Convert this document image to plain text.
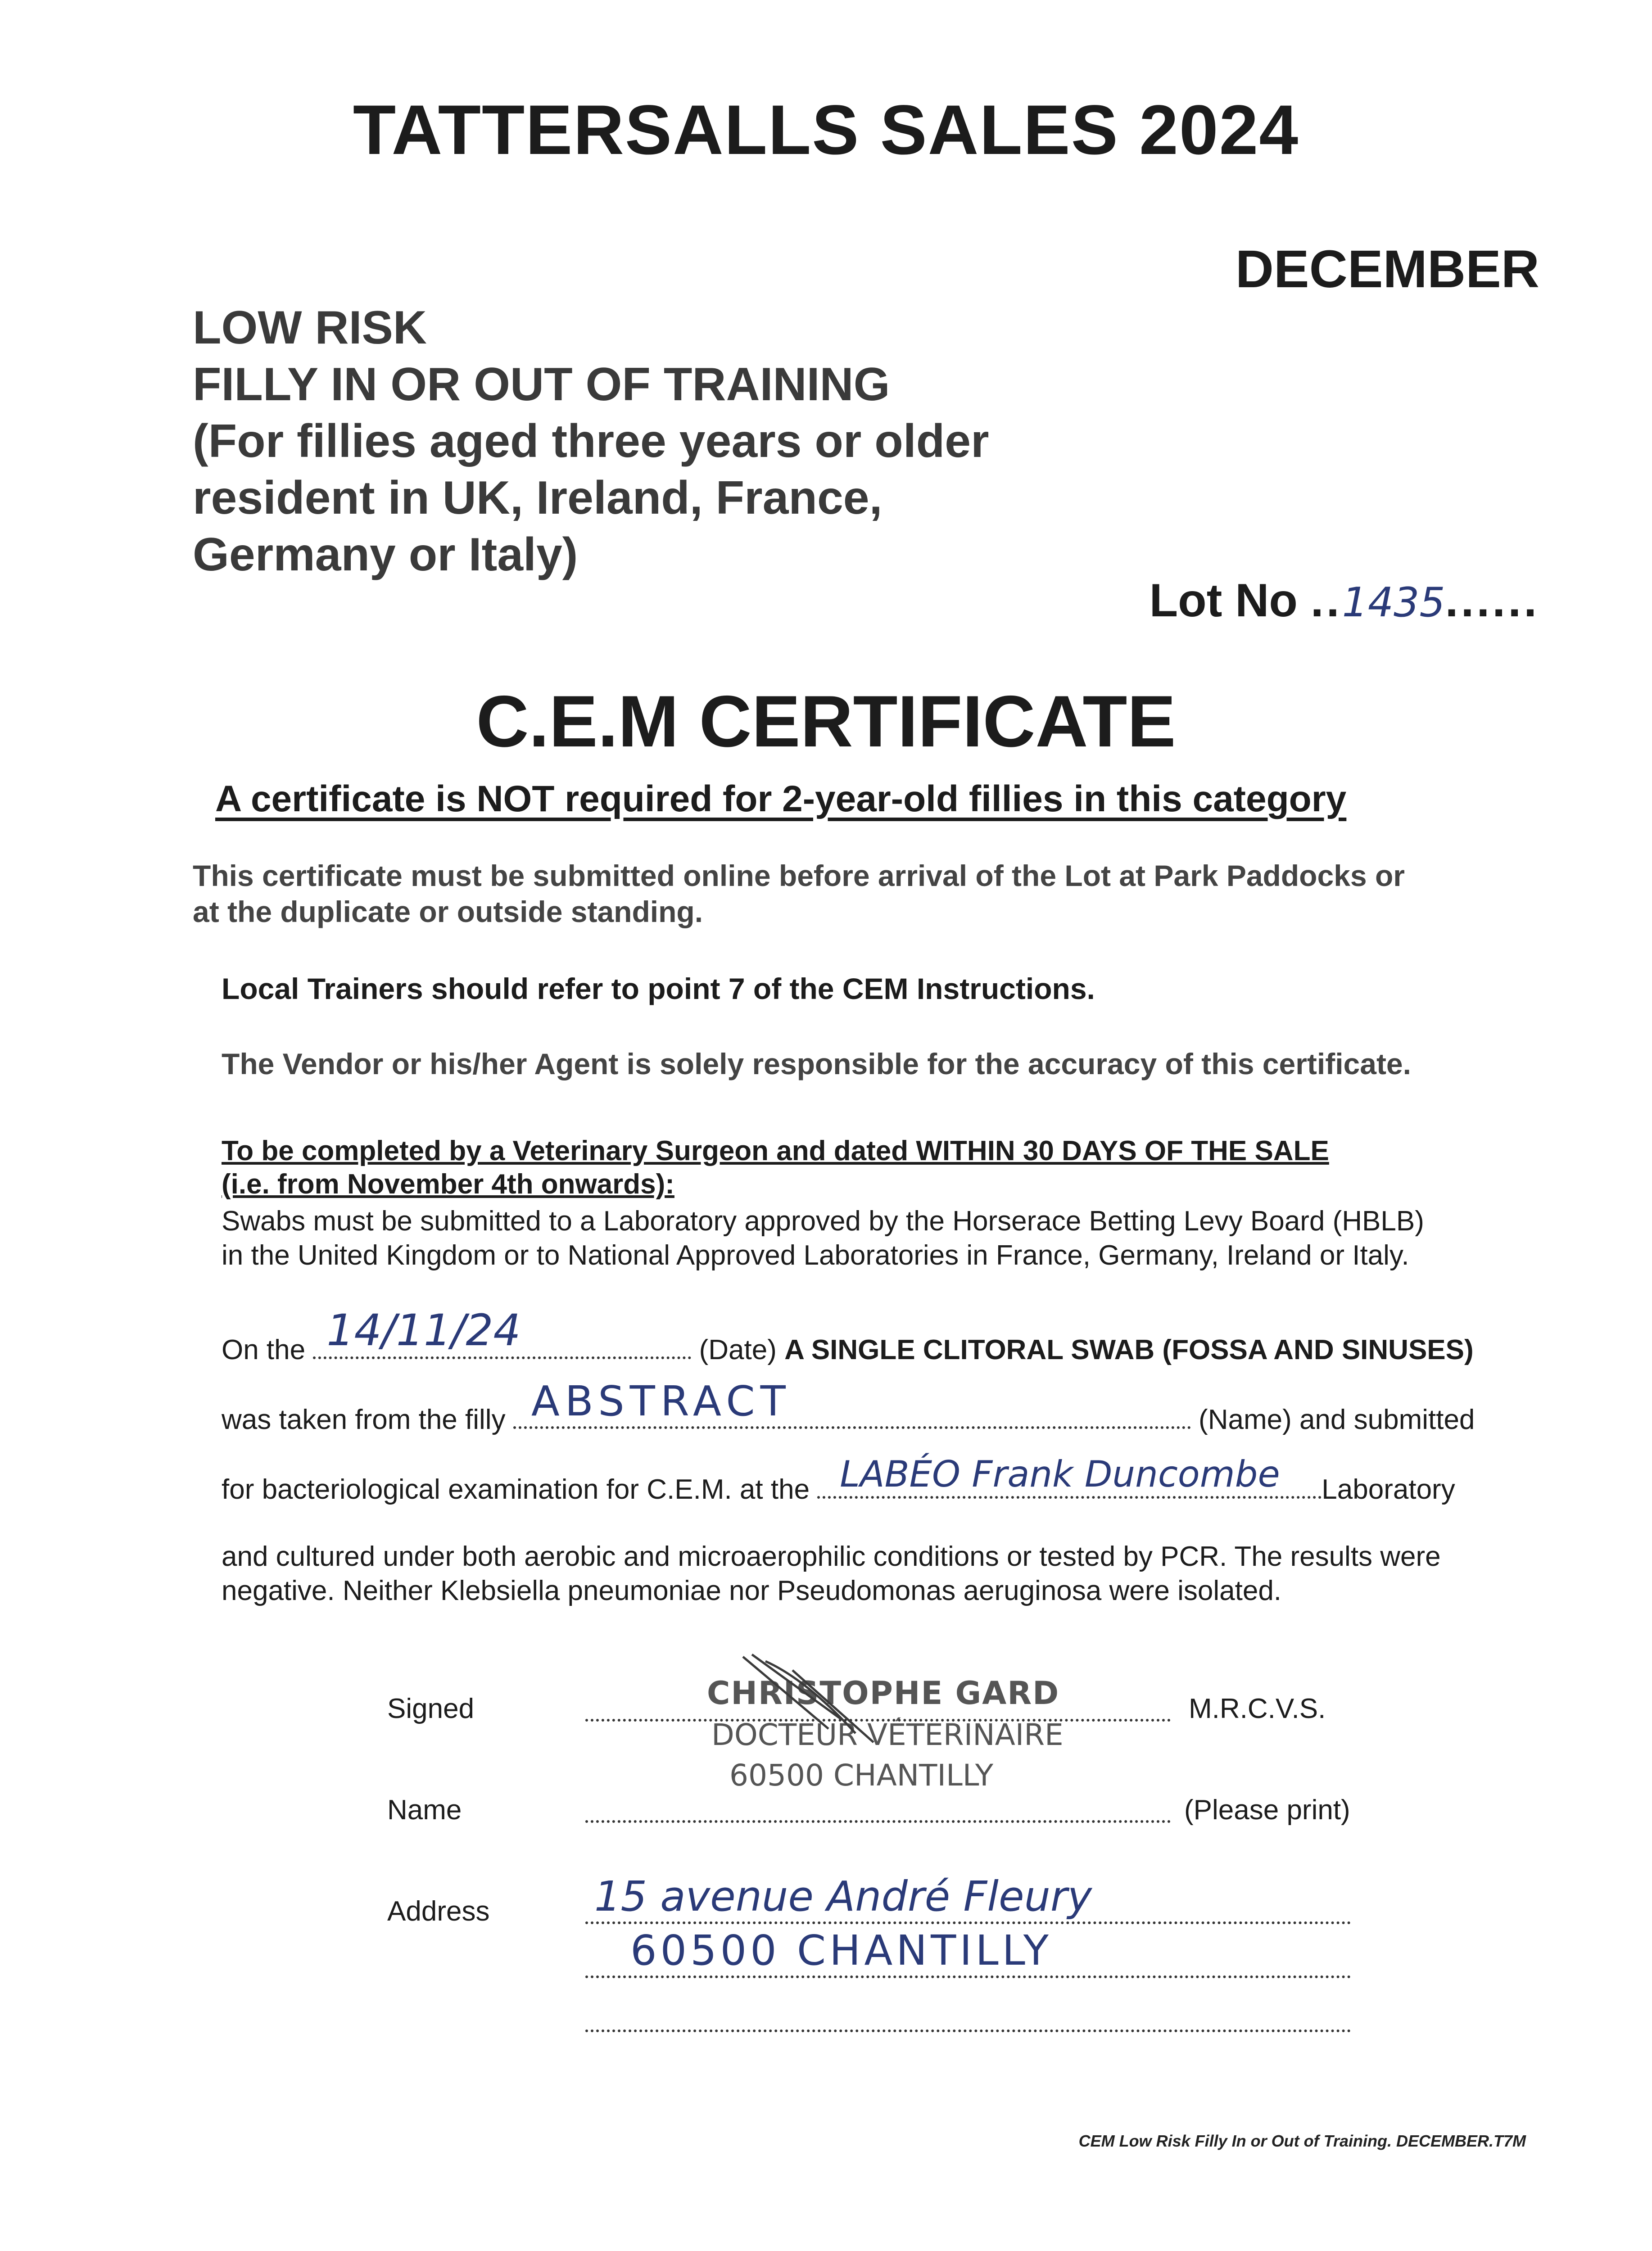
TATTERSALLS SALES 2024
DECEMBER
LOW RISK
FILLY IN OR OUT OF TRAINING
(For fillies aged three years or older
resident in UK, Ireland, France,
Germany or Italy)
Lot No ..1435......
C.E.M CERTIFICATE
A certificate is NOT required for 2-year-old fillies in this category
This certificate must be submitted online before arrival of the Lot at Park Paddocks or
at the duplicate or outside standing.
Local Trainers should refer to point 7 of the CEM Instructions.
The Vendor or his/her Agent is solely responsible for the accuracy of this certificate.
To be completed by a Veterinary Surgeon and dated WITHIN 30 DAYS OF THE SALE
(i.e. from November 4th onwards):
Swabs must be submitted to a Laboratory approved by the Horserace Betting Levy Board (HBLB)
in the United Kingdom or to National Approved Laboratories in France, Germany, Ireland or Italy.
On the 14/11/24	(Date) A SINGLE CLITORAL SWAB (FOSSA AND SINUSES)
was taken from the filly ABSTRACT	(Name) and submitted
for bacteriological examination for C.E.M. at the LABÉO Frank Duncombe Laboratory
and cultured under both aerobic and microaerophilic conditions or tested by PCR. The results were
negative. Neither Klebsiella pneumoniae nor Pseudomonas aeruginosa were isolated.
Signed	M.R.C.V.S.
CHRISTOPHE GARD
DOCTEUR VÉTERINAIRE
60500 CHANTILLY
Name	(Please print)
Address	15 avenue André Fleury
60500 CHANTILLY
CEM Low Risk Filly In or Out of Training. DECEMBER.T7M
